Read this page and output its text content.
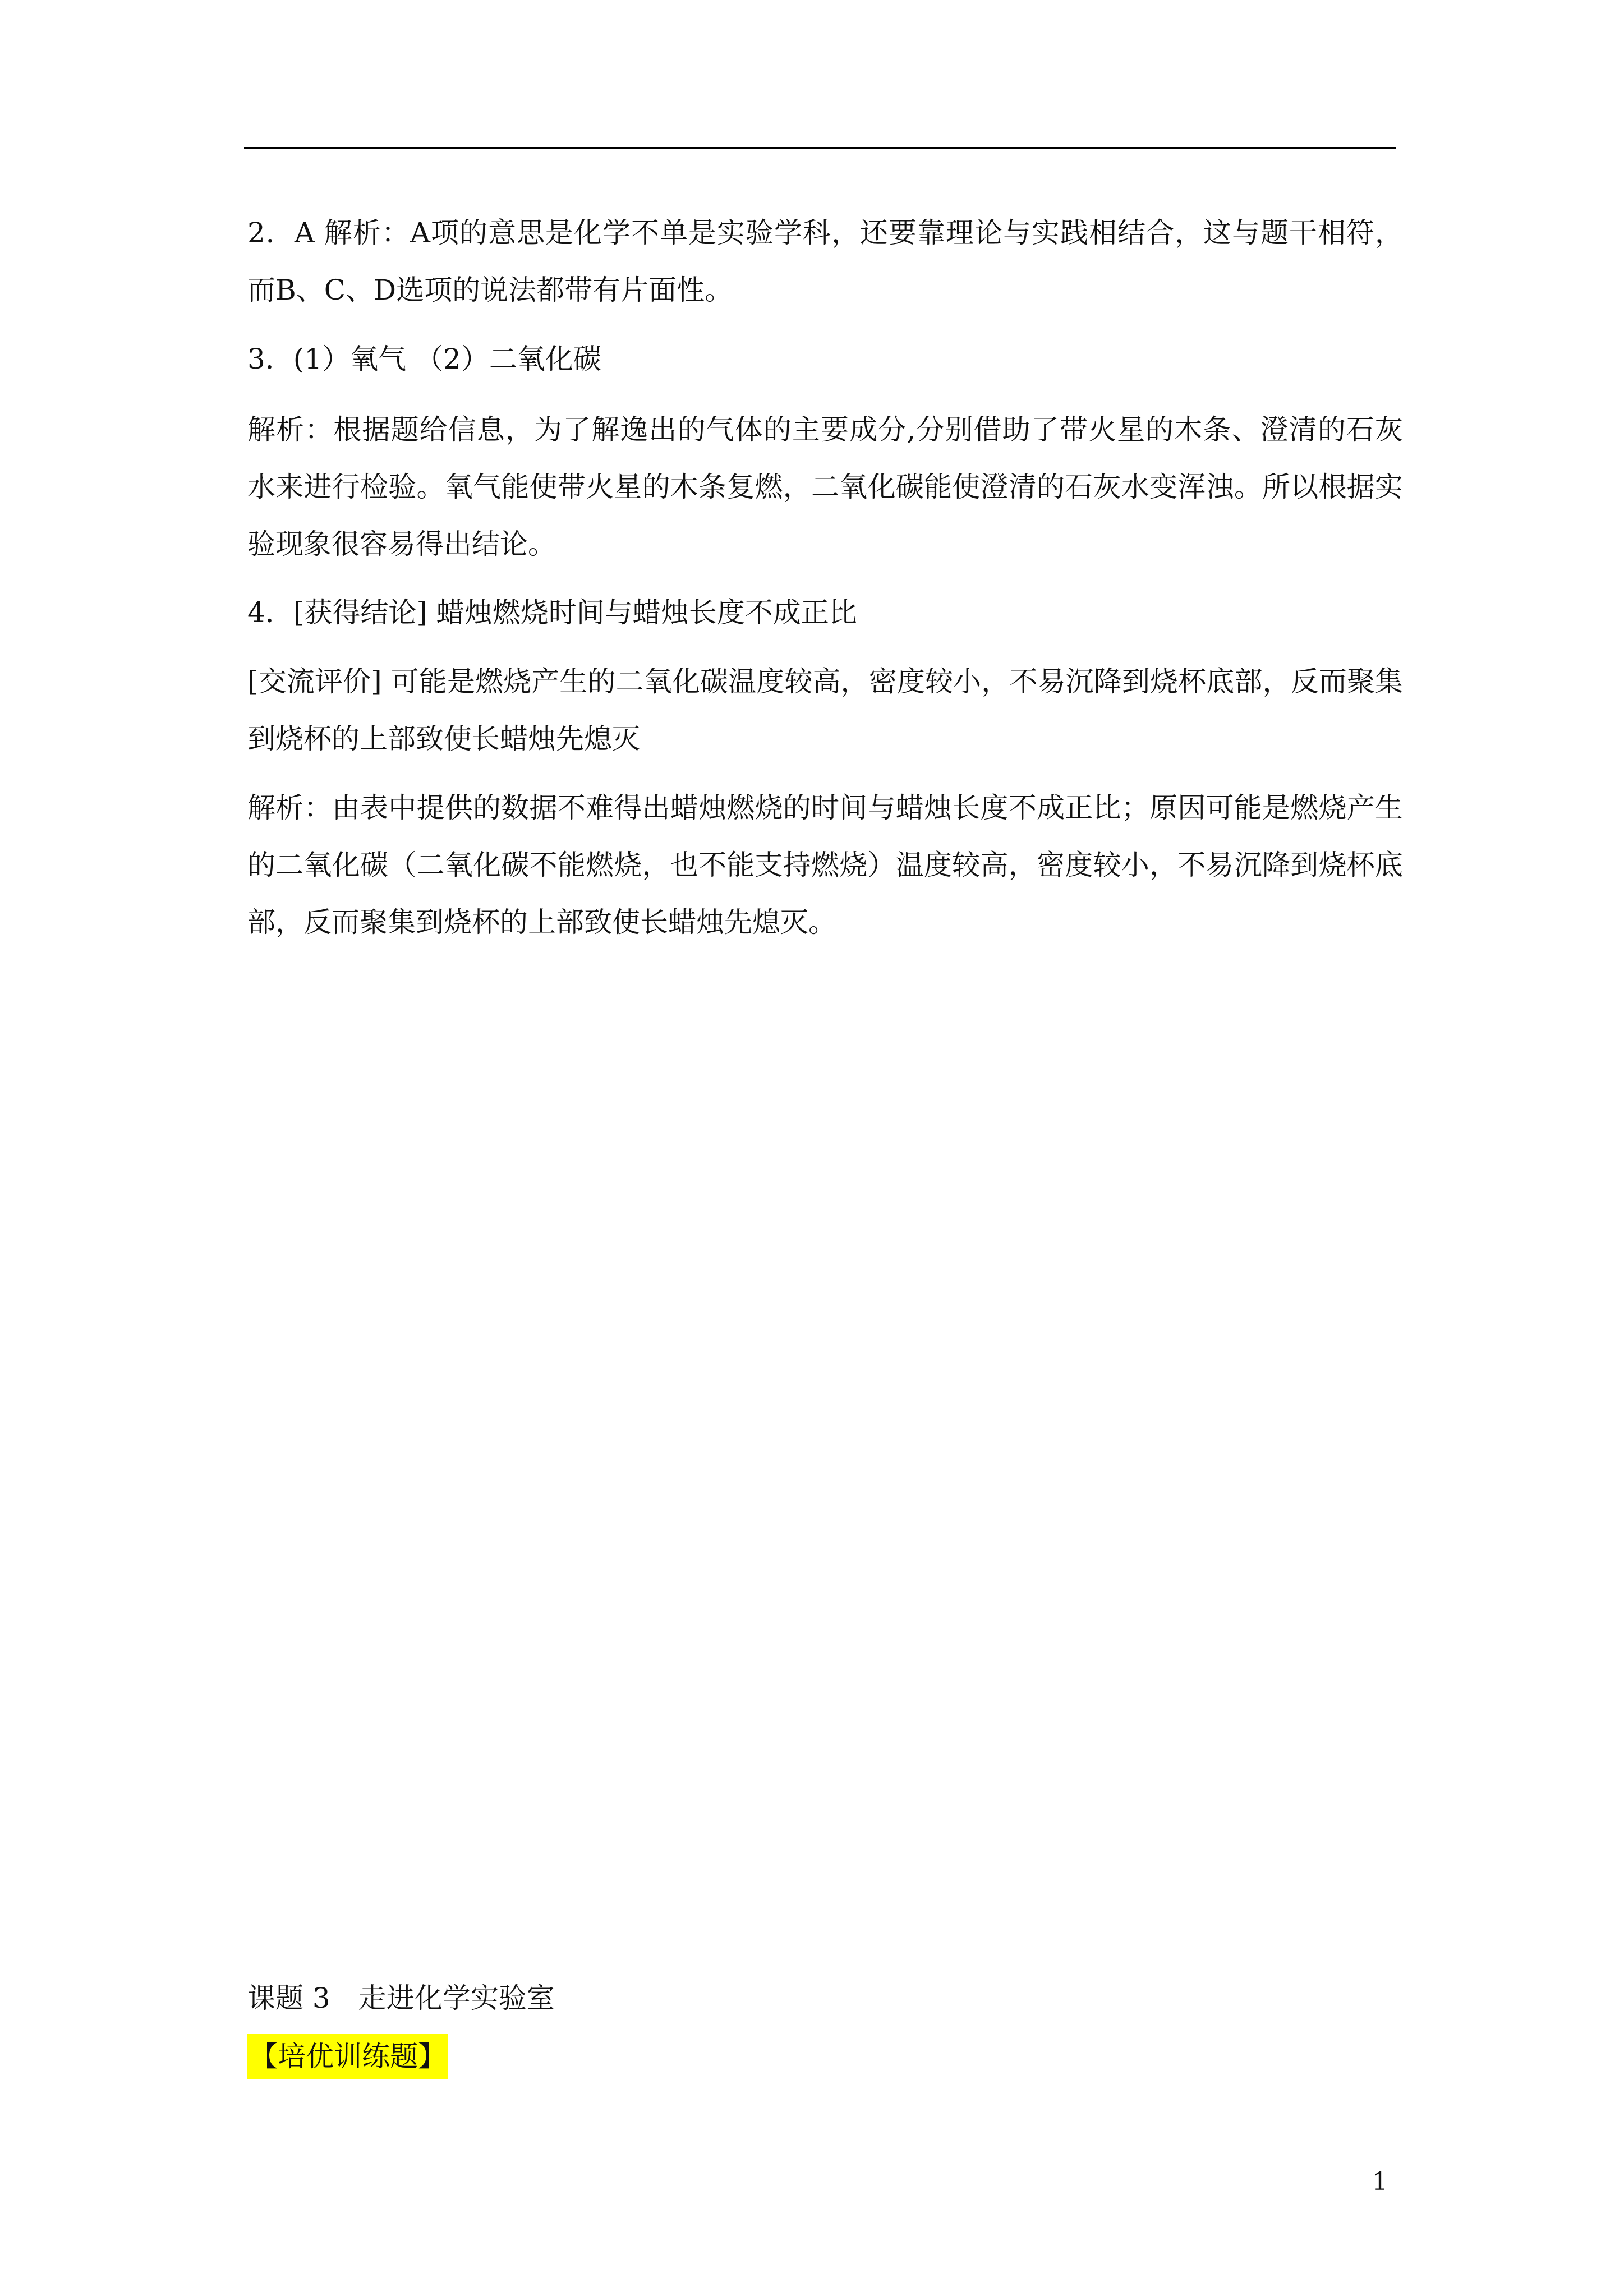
2．A 解析：A项的意思是化学不单是实验学科，还要靠理论与实践相结合，这与题干相符，而B、C、D选项的说法都带有片面性。

3．(1）氧气 （2）二氧化碳

解析：根据题给信息，为了解逸出的气体的主要成分,分别借助了带火星的木条、澄清的石灰水来进行检验。氧气能使带火星的木条复燃，二氧化碳能使澄清的石灰水变浑浊。所以根据实验现象很容易得出结论。

4．[获得结论] 蜡烛燃烧时间与蜡烛长度不成正比

[交流评价] 可能是燃烧产生的二氧化碳温度较高，密度较小，不易沉降到烧杯底部，反而聚集到烧杯的上部致使长蜡烛先熄灭

解析：由表中提供的数据不难得出蜡烛燃烧的时间与蜡烛长度不成正比；原因可能是燃烧产生的二氧化碳（二氧化碳不能燃烧，也不能支持燃烧）温度较高，密度较小，不易沉降到烧杯底部，反而聚集到烧杯的上部致使长蜡烛先熄灭。

课题 3　走进化学实验室

【培优训练题】

1
